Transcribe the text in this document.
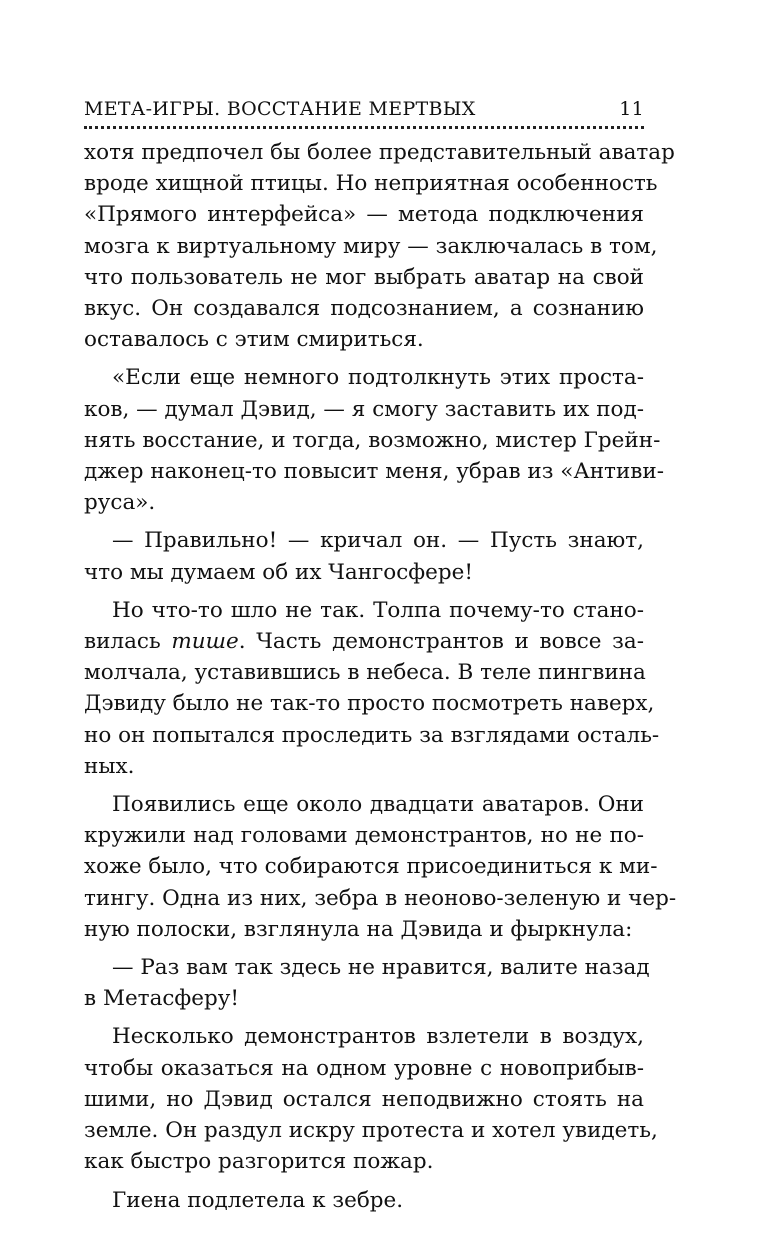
МЕТА-ИГРЫ. ВОССТАНИЕ МЕРТВЫХ	11
хотя предпочел бы более представительный аватар
вроде хищной птицы. Но неприятная особенность
«Прямого интерфейса» — метода подключения
мозга к виртуальному миру — заключалась в том,
что пользователь не мог выбрать аватар на свой
вкус. Он создавался подсознанием, а сознанию
оставалось с этим смириться.
«Если еще немного подтолкнуть этих проста-
ков, — думал Дэвид, — я смогу заставить их под-
нять восстание, и тогда, возможно, мистер Грейн-
джер наконец-то повысит меня, убрав из «Антиви-
руса».
— Правильно! — кричал он. — Пусть знают,
что мы думаем об их Чангосфере!
Но что-то шло не так. Толпа почему-то стано-
вилась тише. Часть демонстрантов и вовсе за-
молчала, уставившись в небеса. В теле пингвина
Дэвиду было не так-то просто посмотреть наверх,
но он попытался проследить за взглядами осталь-
ных.
Появились еще около двадцати аватаров. Они
кружили над головами демонстрантов, но не по-
хоже было, что собираются присоединиться к ми-
тингу. Одна из них, зебра в неоново-зеленую и чер-
ную полоски, взглянула на Дэвида и фыркнула:
— Раз вам так здесь не нравится, валите назад
в Метасферу!
Несколько демонстрантов взлетели в воздух,
чтобы оказаться на одном уровне с новоприбыв-
шими, но Дэвид остался неподвижно стоять на
земле. Он раздул искру протеста и хотел увидеть,
как быстро разгорится пожар.
Гиена подлетела к зебре.
